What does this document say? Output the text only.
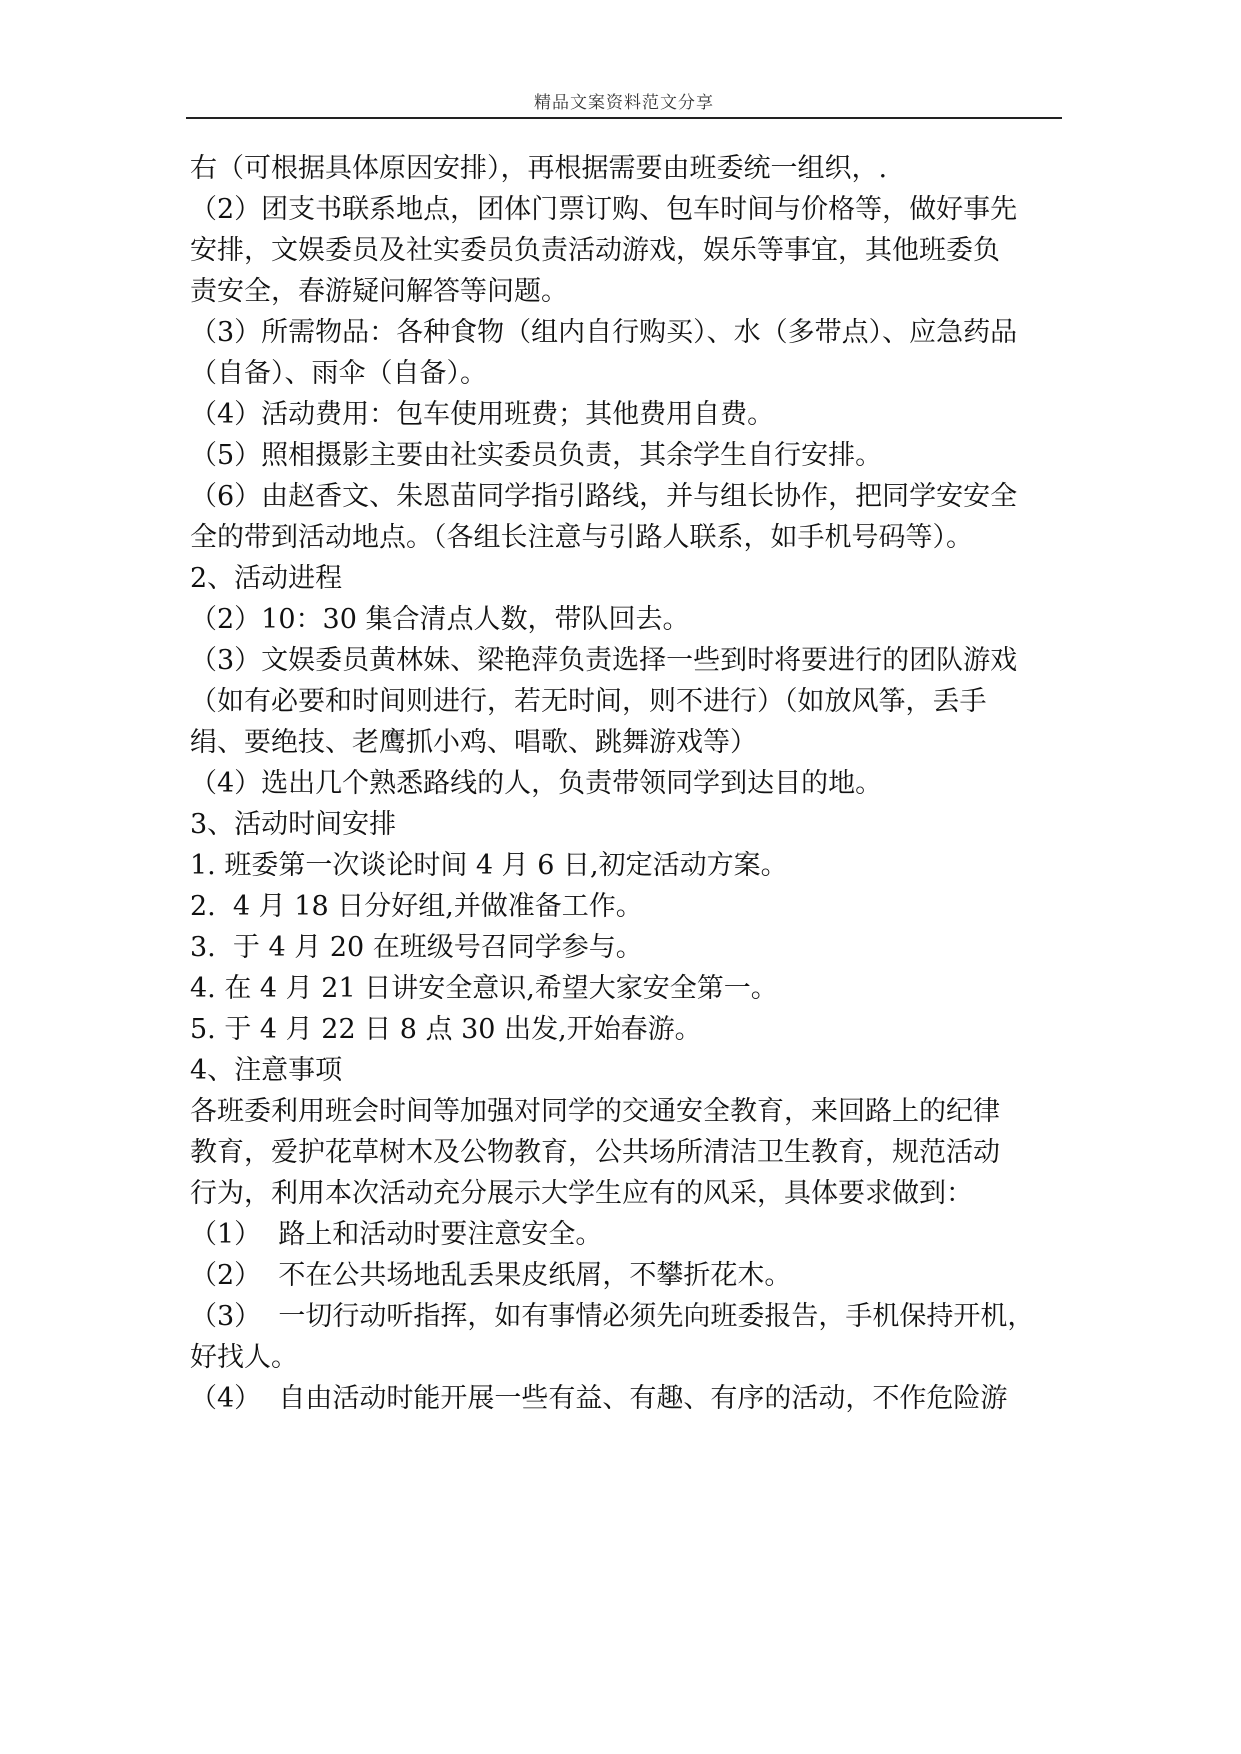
精品文案资料范文分享
右（可根据具体原因安排），再根据需要由班委统一组织，.
（2）团支书联系地点，团体门票订购、包车时间与价格等，做好事先
安排，文娱委员及社实委员负责活动游戏，娱乐等事宜，其他班委负
责安全，春游疑问解答等问题。
（3）所需物品：各种食物（组内自行购买）、水（多带点）、应急药品
（自备）、雨伞（自备）。
（4）活动费用：包车使用班费；其他费用自费。
（5）照相摄影主要由社实委员负责，其余学生自行安排。
（6）由赵香文、朱恩苗同学指引路线，并与组长协作，把同学安安全
全的带到活动地点。（各组长注意与引路人联系，如手机号码等）。
2、活动进程
（2）10：30 集合清点人数，带队回去。
（3）文娱委员黄林妹、梁艳萍负责选择一些到时将要进行的团队游戏
（如有必要和时间则进行，若无时间，则不进行）（如放风筝，丢手
绢、要绝技、老鹰抓小鸡、唱歌、跳舞游戏等）
（4）选出几个熟悉路线的人，负责带领同学到达目的地。
3、活动时间安排
1. 班委第一次谈论时间 4 月 6 日,初定活动方案。
2.  4 月 18 日分好组,并做准备工作。
3.  于 4 月 20 在班级号召同学参与。
4. 在 4 月 21 日讲安全意识,希望大家安全第一。
5. 于 4 月 22 日 8 点 30 出发,开始春游。
4、注意事项
各班委利用班会时间等加强对同学的交通安全教育，来回路上的纪律
教育，爱护花草树木及公物教育，公共场所清洁卫生教育，规范活动
行为，利用本次活动充分展示大学生应有的风采，具体要求做到：
（1）  路上和活动时要注意安全。
（2）  不在公共场地乱丢果皮纸屑，不攀折花木。
（3）  一切行动听指挥，如有事情必须先向班委报告，手机保持开机，
好找人。
（4）  自由活动时能开展一些有益、有趣、有序的活动，不作危险游
